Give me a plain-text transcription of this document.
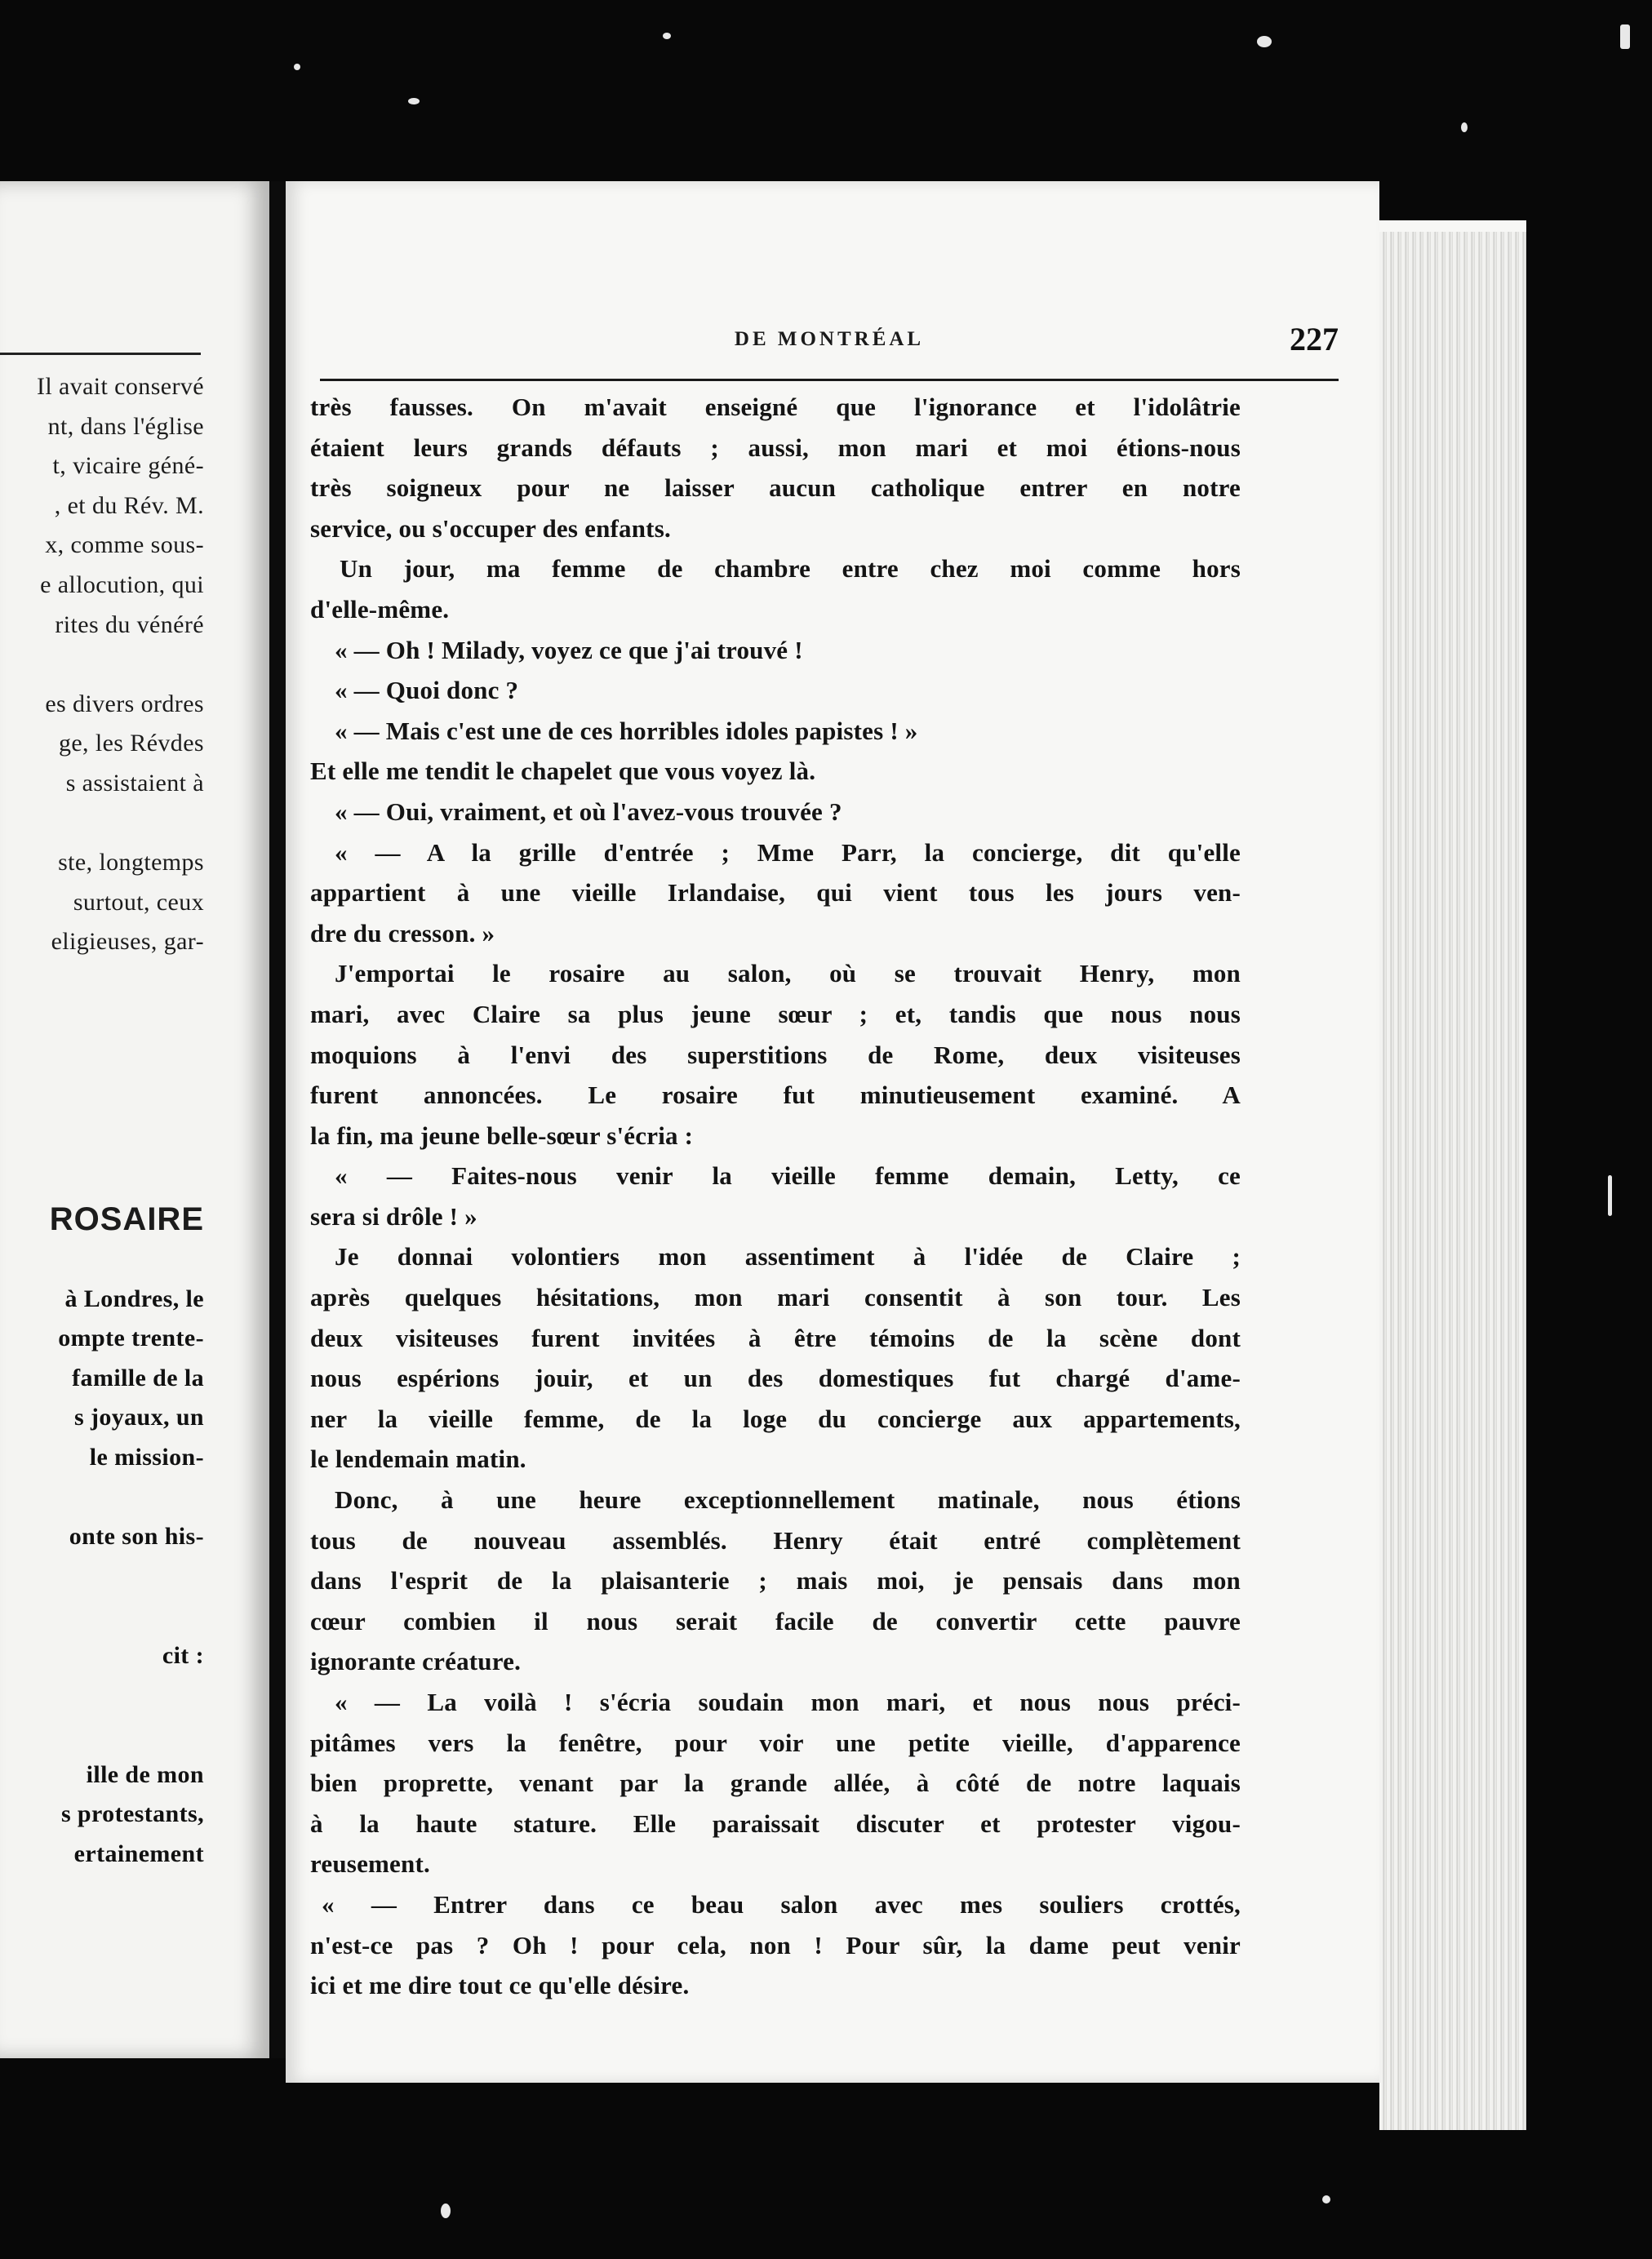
Il avait conservé
nt, dans l'église
t, vicaire géné-
, et du Rév. M.
x, comme sous-
e allocution, qui
rites du vénéré
es divers ordres
ge, les Révdes
s assistaient à
ste, longtemps
surtout, ceux
eligieuses, gar-
ROSAIRE
à Londres, le
ompte trente-
famille de la
s joyaux, un
le mission-
onte son his-
cit :
ille de mon
s protestants,
ertainement
DE MONTRÉAL	227
très fausses. On m'avait enseigné que l'ignorance et l'idolâtrie
étaient leurs grands défauts ; aussi, mon mari et moi étions-nous
très soigneux pour ne laisser aucun catholique entrer en notre
service, ou s'occuper des enfants.
Un jour, ma femme de chambre entre chez moi comme hors
d'elle-même.
« — Oh ! Milady, voyez ce que j'ai trouvé !
« — Quoi donc ?
« — Mais c'est une de ces horribles idoles papistes ! »
Et elle me tendit le chapelet que vous voyez là.
« — Oui, vraiment, et où l'avez-vous trouvée ?
« — A la grille d'entrée ; Mme Parr, la concierge, dit qu'elle
appartient à une vieille Irlandaise, qui vient tous les jours ven-
dre du cresson. »
J'emportai le rosaire au salon, où se trouvait Henry, mon
mari, avec Claire sa plus jeune sœur ; et, tandis que nous nous
moquions à l'envi des superstitions de Rome, deux visiteuses
furent annoncées. Le rosaire fut minutieusement examiné. A
la fin, ma jeune belle-sœur s'écria :
« — Faites-nous venir la vieille femme demain, Letty, ce
sera si drôle ! »
Je donnai volontiers mon assentiment à l'idée de Claire ;
après quelques hésitations, mon mari consentit à son tour. Les
deux visiteuses furent invitées à être témoins de la scène dont
nous espérions jouir, et un des domestiques fut chargé d'ame-
ner la vieille femme, de la loge du concierge aux appartements,
le lendemain matin.
Donc, à une heure exceptionnellement matinale, nous étions
tous de nouveau assemblés. Henry était entré complètement
dans l'esprit de la plaisanterie ; mais moi, je pensais dans mon
cœur combien il nous serait facile de convertir cette pauvre
ignorante créature.
« — La voilà ! s'écria soudain mon mari, et nous nous préci-
pitâmes vers la fenêtre, pour voir une petite vieille, d'apparence
bien proprette, venant par la grande allée, à côté de notre laquais
à la haute stature. Elle paraissait discuter et protester vigou-
reusement.
« — Entrer dans ce beau salon avec mes souliers crottés,
n'est-ce pas ? Oh ! pour cela, non ! Pour sûr, la dame peut venir
ici et me dire tout ce qu'elle désire.
